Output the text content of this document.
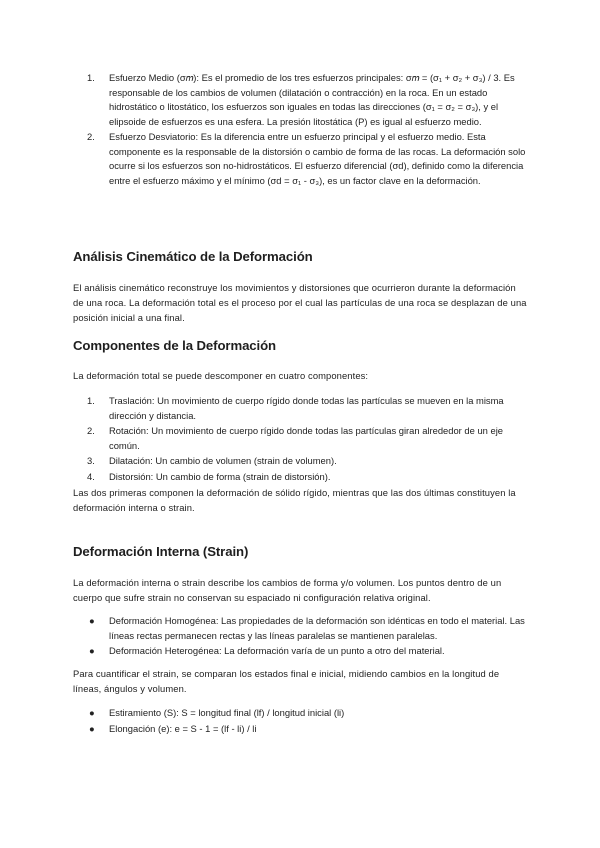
1. Esfuerzo Medio (σ𝑚): Es el promedio de los tres esfuerzos principales: σ𝑚 = (σ₁ + σ₂ + σ₃) / 3. Es responsable de los cambios de volumen (dilatación o contracción) en la roca. En un estado hidrostático o litostático, los esfuerzos son iguales en todas las direcciones (σ₁ = σ₂ = σ₃), y el elipsoide de esfuerzos es una esfera. La presión litostática (P) es igual al esfuerzo medio.
2. Esfuerzo Desviatorio: Es la diferencia entre un esfuerzo principal y el esfuerzo medio. Esta componente es la responsable de la distorsión o cambio de forma de las rocas. La deformación solo ocurre si los esfuerzos son no-hidrostáticos. El esfuerzo diferencial (σd), definido como la diferencia entre el esfuerzo máximo y el mínimo (σd = σ₁ - σ₃), es un factor clave en la deformación.
Análisis Cinemático de la Deformación

El análisis cinemático reconstruye los movimientos y distorsiones que ocurrieron durante la deformación de una roca. La deformación total es el proceso por el cual las partículas de una roca se desplazan de una posición inicial a una final.

Componentes de la Deformación

La deformación total se puede descomponer en cuatro componentes:

1. Traslación: Un movimiento de cuerpo rígido donde todas las partículas se mueven en la misma dirección y distancia.
2. Rotación: Un movimiento de cuerpo rígido donde todas las partículas giran alrededor de un eje común.
3. Dilatación: Un cambio de volumen (strain de volumen).
4. Distorsión: Un cambio de forma (strain de distorsión).

Las dos primeras componen la deformación de sólido rígido, mientras que las dos últimas constituyen la deformación interna o strain.

Deformación Interna (Strain)

La deformación interna o strain describe los cambios de forma y/o volumen. Los puntos dentro de un cuerpo que sufre strain no conservan su espaciado ni configuración relativa original.

● Deformación Homogénea: Las propiedades de la deformación son idénticas en todo el material. Las líneas rectas permanecen rectas y las líneas paralelas se mantienen paralelas.
● Deformación Heterogénea: La deformación varía de un punto a otro del material.

Para cuantificar el strain, se comparan los estados final e inicial, midiendo cambios en la longitud de líneas, ángulos y volumen.

● Estiramiento (S): S = longitud final (lf) / longitud inicial (li)
● Elongación (e): e = S - 1 = (lf - li) / li
